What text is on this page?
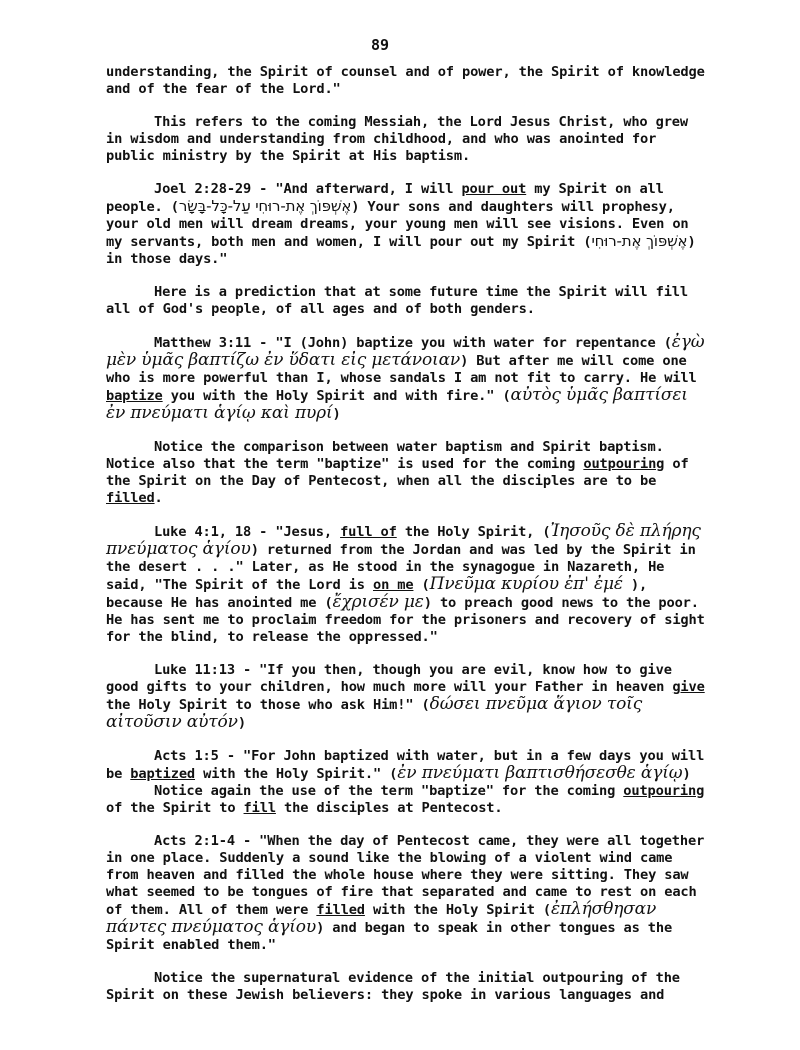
89

understanding, the Spirit of counsel and of power, the Spirit of knowledge and of the fear of the Lord."

This refers to the coming Messiah, the Lord Jesus Christ, who grew in wisdom and understanding from childhood, and who was anointed for public ministry by the Spirit at His baptism.

Joel 2:28-29 - "And afterward, I will pour out my Spirit on all people. (אֶשְׁפּוֹךְ אֶת-רוּחִי עַל-כָּל-בָּשָׂר) Your sons and daughters will prophesy, your old men will dream dreams, your young men will see visions. Even on my servants, both men and women, I will pour out my Spirit (אֶשְׁפּוֹךְ אֶת-רוּחִי) in those days."

Here is a prediction that at some future time the Spirit will fill all of God's people, of all ages and of both genders.

Matthew 3:11 - "I (John) baptize you with water for repentance (ἐγὼ μὲν ὑμᾶς βαπτίζω ἐν ὕδατι εἰς μετάνοιαν) But after me will come one who is more powerful than I, whose sandals I am not fit to carry. He will baptize you with the Holy Spirit and with fire." (αὐτὸς ὑμᾶς βαπτίσει ἐν πνεύματι ἁγίῳ καὶ πυρί)

Notice the comparison between water baptism and Spirit baptism. Notice also that the term "baptize" is used for the coming outpouring of the Spirit on the Day of Pentecost, when all the disciples are to be filled.

Luke 4:1, 18 - "Jesus, full of the Holy Spirit, (Ἰησοῦς δὲ πλήρης πνεύματος ἁγίου) returned from the Jordan and was led by the Spirit in the desert . . ." Later, as He stood in the synagogue in Nazareth, He said, "The Spirit of the Lord is on me (Πνεῦμα κυρίου ἐπ' ἐμέ ), because He has anointed me (ἔχρισέν με) to preach good news to the poor. He has sent me to proclaim freedom for the prisoners and recovery of sight for the blind, to release the oppressed."

Luke 11:13 - "If you then, though you are evil, know how to give good gifts to your children, how much more will your Father in heaven give the Holy Spirit to those who ask Him!" (δώσει πνεῦμα ἅγιον τοῖς αἰτοῦσιν αὐτόν)

Acts 1:5 - "For John baptized with water, but in a few days you will be baptized with the Holy Spirit." (ἐν πνεύματι βαπτισθήσεσθε ἁγίῳ)

Notice again the use of the term "baptize" for the coming outpouring of the Spirit to fill the disciples at Pentecost.

Acts 2:1-4 - "When the day of Pentecost came, they were all together in one place. Suddenly a sound like the blowing of a violent wind came from heaven and filled the whole house where they were sitting. They saw what seemed to be tongues of fire that separated and came to rest on each of them. All of them were filled with the Holy Spirit (ἐπλήσθησαν πάντες πνεύματος ἁγίου) and began to speak in other tongues as the Spirit enabled them."

Notice the supernatural evidence of the initial outpouring of the Spirit on these Jewish believers: they spoke in various languages and
